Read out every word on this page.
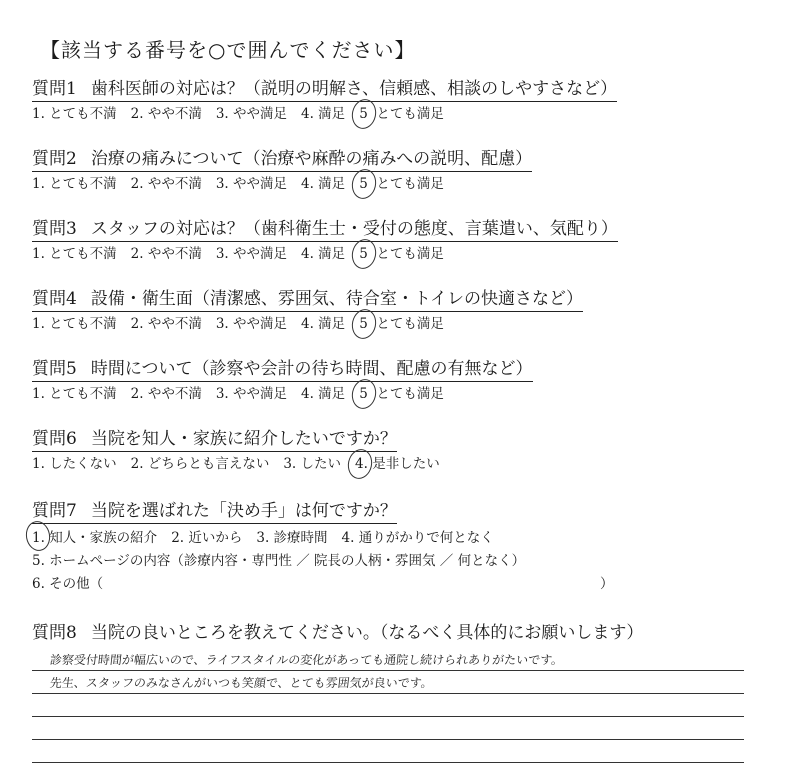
【該当する番号を○で囲んでください】
質問1 歯科医師の対応は？（説明の明解さ、信頼感、相談のしやすさなど）
1. とても不満 2. やや不満 3. やや満足 4. 満足 5 とても満足
質問2 治療の痛みについて（治療や麻酔の痛みへの説明、配慮）
1. とても不満 2. やや不満 3. やや満足 4. 満足 5 とても満足
質問3 スタッフの対応は？（歯科衛生士・受付の態度、言葉遣い、気配り）
1. とても不満 2. やや不満 3. やや満足 4. 満足 5 とても満足
質問4 設備・衛生面（清潔感、雰囲気、待合室・トイレの快適さなど）
1. とても不満 2. やや不満 3. やや満足 4. 満足 5 とても満足
質問5 時間について（診察や会計の待ち時間、配慮の有無など）
1. とても不満 2. やや不満 3. やや満足 4. 満足 5 とても満足
質問6 当院を知人・家族に紹介したいですか？
1. したくない 2. どちらとも言えない 3. したい 4. 是非したい
質問7 当院を選ばれた「決め手」は何ですか？
1. 知人・家族の紹介 2. 近いから 3. 診療時間 4. 通りがかりで何となく
5. ホームページの内容（診療内容・専門性 ／ 院長の人柄・雰囲気 ／ 何となく）
6. その他（	）
質問8 当院の良いところを教えてください。（なるべく具体的にお願いします）
診察受付時間が幅広いので、ライフスタイルの変化があっても通院し続けられありがたいです。
先生、スタッフのみなさんがいつも笑顔で、とても雰囲気が良いです。
